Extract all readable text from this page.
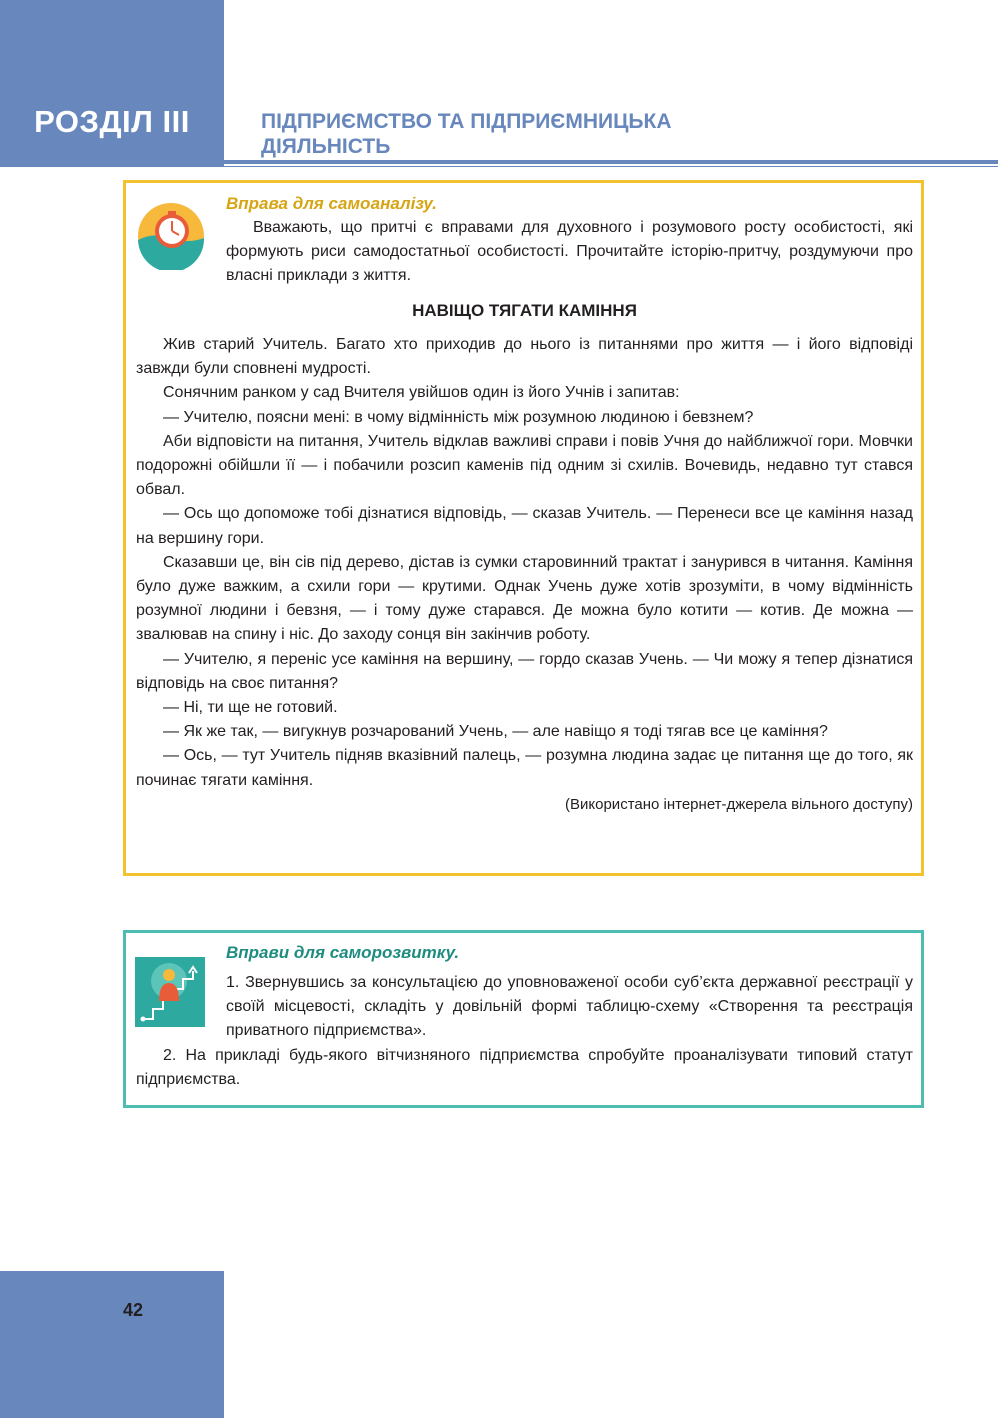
РОЗДІЛ ІІІ	ПІДПРИЄМСТВО ТА ПІДПРИЄМНИЦЬКА
ДІЯЛЬНІСТЬ
Вправа для самоаналізу.

Вважають, що притчі є вправами для духовного і розумового росту особистості, які формують риси самодостатньої особистості. Прочитайте історію-притчу, роздумуючи про власні приклади з життя.

НАВІЩО ТЯГАТИ КАМІННЯ

Жив старий Учитель. Багато хто приходив до нього із питаннями про життя — і його відповіді завжди були сповнені мудрості.

Сонячним ранком у сад Вчителя увійшов один із його Учнів і запитав:

— Учителю, поясни мені: в чому відмінність між розумною людиною і бевзнем?

Аби відповісти на питання, Учитель відклав важливі справи і повів Учня до найближчої гори. Мовчки подорожні обійшли її — і побачили розсип каменів під одним зі схилів. Вочевидь, недавно тут стався обвал.

— Ось що допоможе тобі дізнатися відповідь, — сказав Учитель. — Перенеси все це каміння назад на вершину гори.

Сказавши це, він сів під дерево, дістав із сумки старовинний трактат і занурився в читання. Каміння було дуже важким, а схили гори — крутими. Однак Учень дуже хотів зрозуміти, в чому відмінність розумної людини і бевзня, — і тому дуже старався. Де можна було котити — котив. Де можна — звалював на спину і ніс. До заходу сонця він закінчив роботу.

— Учителю, я переніс усе каміння на вершину, — гордо сказав Учень. — Чи можу я тепер дізнатися відповідь на своє питання?

— Ні, ти ще не готовий.

— Як же так, — вигукнув розчарований Учень, — але навіщо я тоді тягав все це каміння?

— Ось, — тут Учитель підняв вказівний палець, — розумна людина задає це питання ще до того, як починає тягати каміння.

(Використано інтернет-джерела вільного доступу)

Вправи для саморозвитку.

1. Звернувшись за консультацією до уповноваженої особи суб’єкта державної реєстрації у своїй місцевості, складіть у довільній формі таблицю-схему «Створення та реєстрація приватного підприємства».

2. На прикладі будь-якого вітчизняного підприємства спробуйте проаналізувати типовий статут підприємства.

42
